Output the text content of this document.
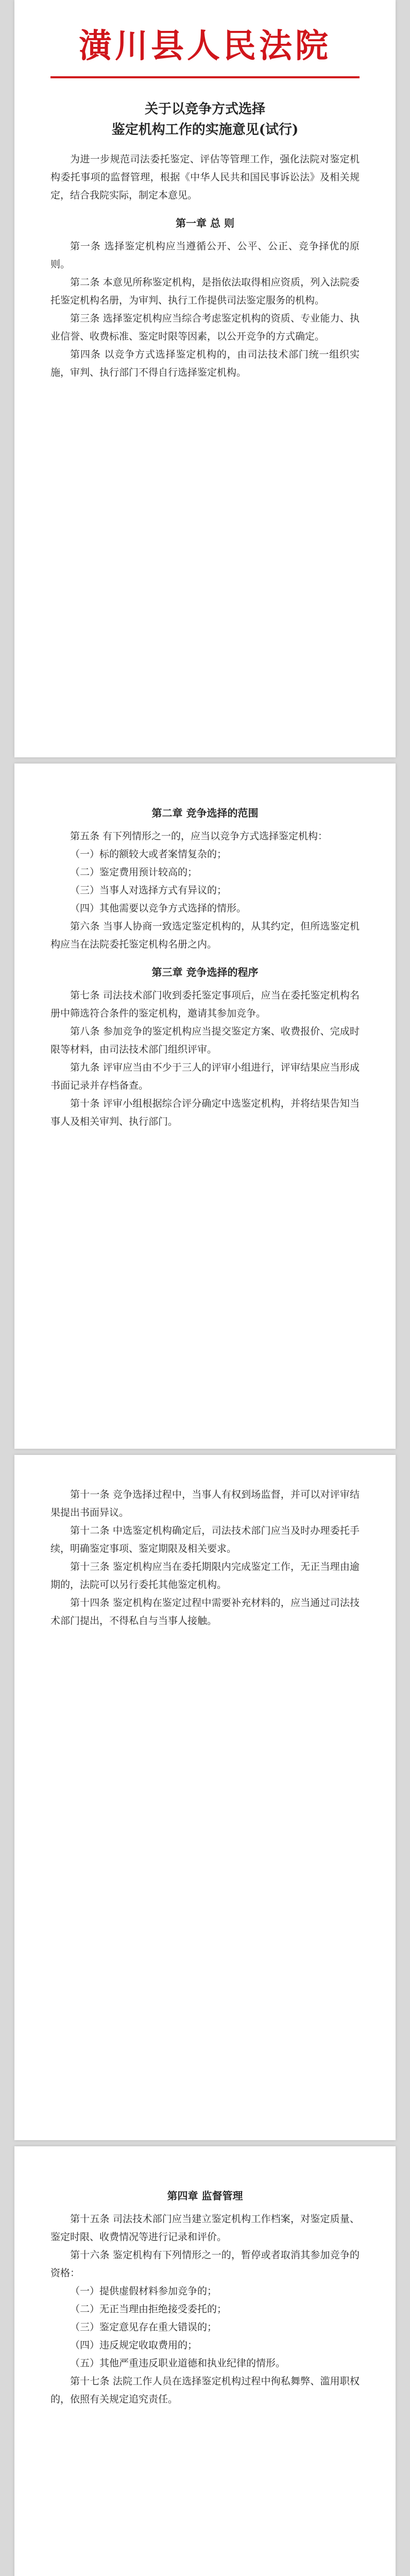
潢川县人民法院

关于以竞争方式选择

鉴定机构工作的实施意见(试行)

为进一步规范司法委托鉴定、评估等管理工作，强化法院对鉴定机构委托事项的监督管理，根据《中华人民共和国民事诉讼法》及相关规定，结合我院实际，制定本意见。

第一章 总 则

第一条 选择鉴定机构应当遵循公开、公平、公正、竞争择优的原则。

第二条 本意见所称鉴定机构，是指依法取得相应资质，列入法院委托鉴定机构名册，为审判、执行工作提供司法鉴定服务的机构。

第三条 选择鉴定机构应当综合考虑鉴定机构的资质、专业能力、执业信誉、收费标准、鉴定时限等因素，以公开竞争的方式确定。

第四条 以竞争方式选择鉴定机构的，由司法技术部门统一组织实施，审判、执行部门不得自行选择鉴定机构。

第二章 竞争选择的范围

第五条 有下列情形之一的，应当以竞争方式选择鉴定机构：

（一）标的额较大或者案情复杂的；

（二）鉴定费用预计较高的；

（三）当事人对选择方式有异议的；

（四）其他需要以竞争方式选择的情形。

第六条 当事人协商一致选定鉴定机构的，从其约定，但所选鉴定机构应当在法院委托鉴定机构名册之内。

第三章 竞争选择的程序

第七条 司法技术部门收到委托鉴定事项后，应当在委托鉴定机构名册中筛选符合条件的鉴定机构，邀请其参加竞争。

第八条 参加竞争的鉴定机构应当提交鉴定方案、收费报价、完成时限等材料，由司法技术部门组织评审。

第九条 评审应当由不少于三人的评审小组进行，评审结果应当形成书面记录并存档备查。

第十条 评审小组根据综合评分确定中选鉴定机构，并将结果告知当事人及相关审判、执行部门。

第十一条 竞争选择过程中，当事人有权到场监督，并可以对评审结果提出书面异议。

第十二条 中选鉴定机构确定后，司法技术部门应当及时办理委托手续，明确鉴定事项、鉴定期限及相关要求。

第十三条 鉴定机构应当在委托期限内完成鉴定工作，无正当理由逾期的，法院可以另行委托其他鉴定机构。

第十四条 鉴定机构在鉴定过程中需要补充材料的，应当通过司法技术部门提出，不得私自与当事人接触。

第四章 监督管理

第十五条 司法技术部门应当建立鉴定机构工作档案，对鉴定质量、鉴定时限、收费情况等进行记录和评价。

第十六条 鉴定机构有下列情形之一的，暂停或者取消其参加竞争的资格：

（一）提供虚假材料参加竞争的；

（二）无正当理由拒绝接受委托的；

（三）鉴定意见存在重大错误的；

（四）违反规定收取费用的；

（五）其他严重违反职业道德和执业纪律的情形。

第十七条 法院工作人员在选择鉴定机构过程中徇私舞弊、滥用职权的，依照有关规定追究责任。
